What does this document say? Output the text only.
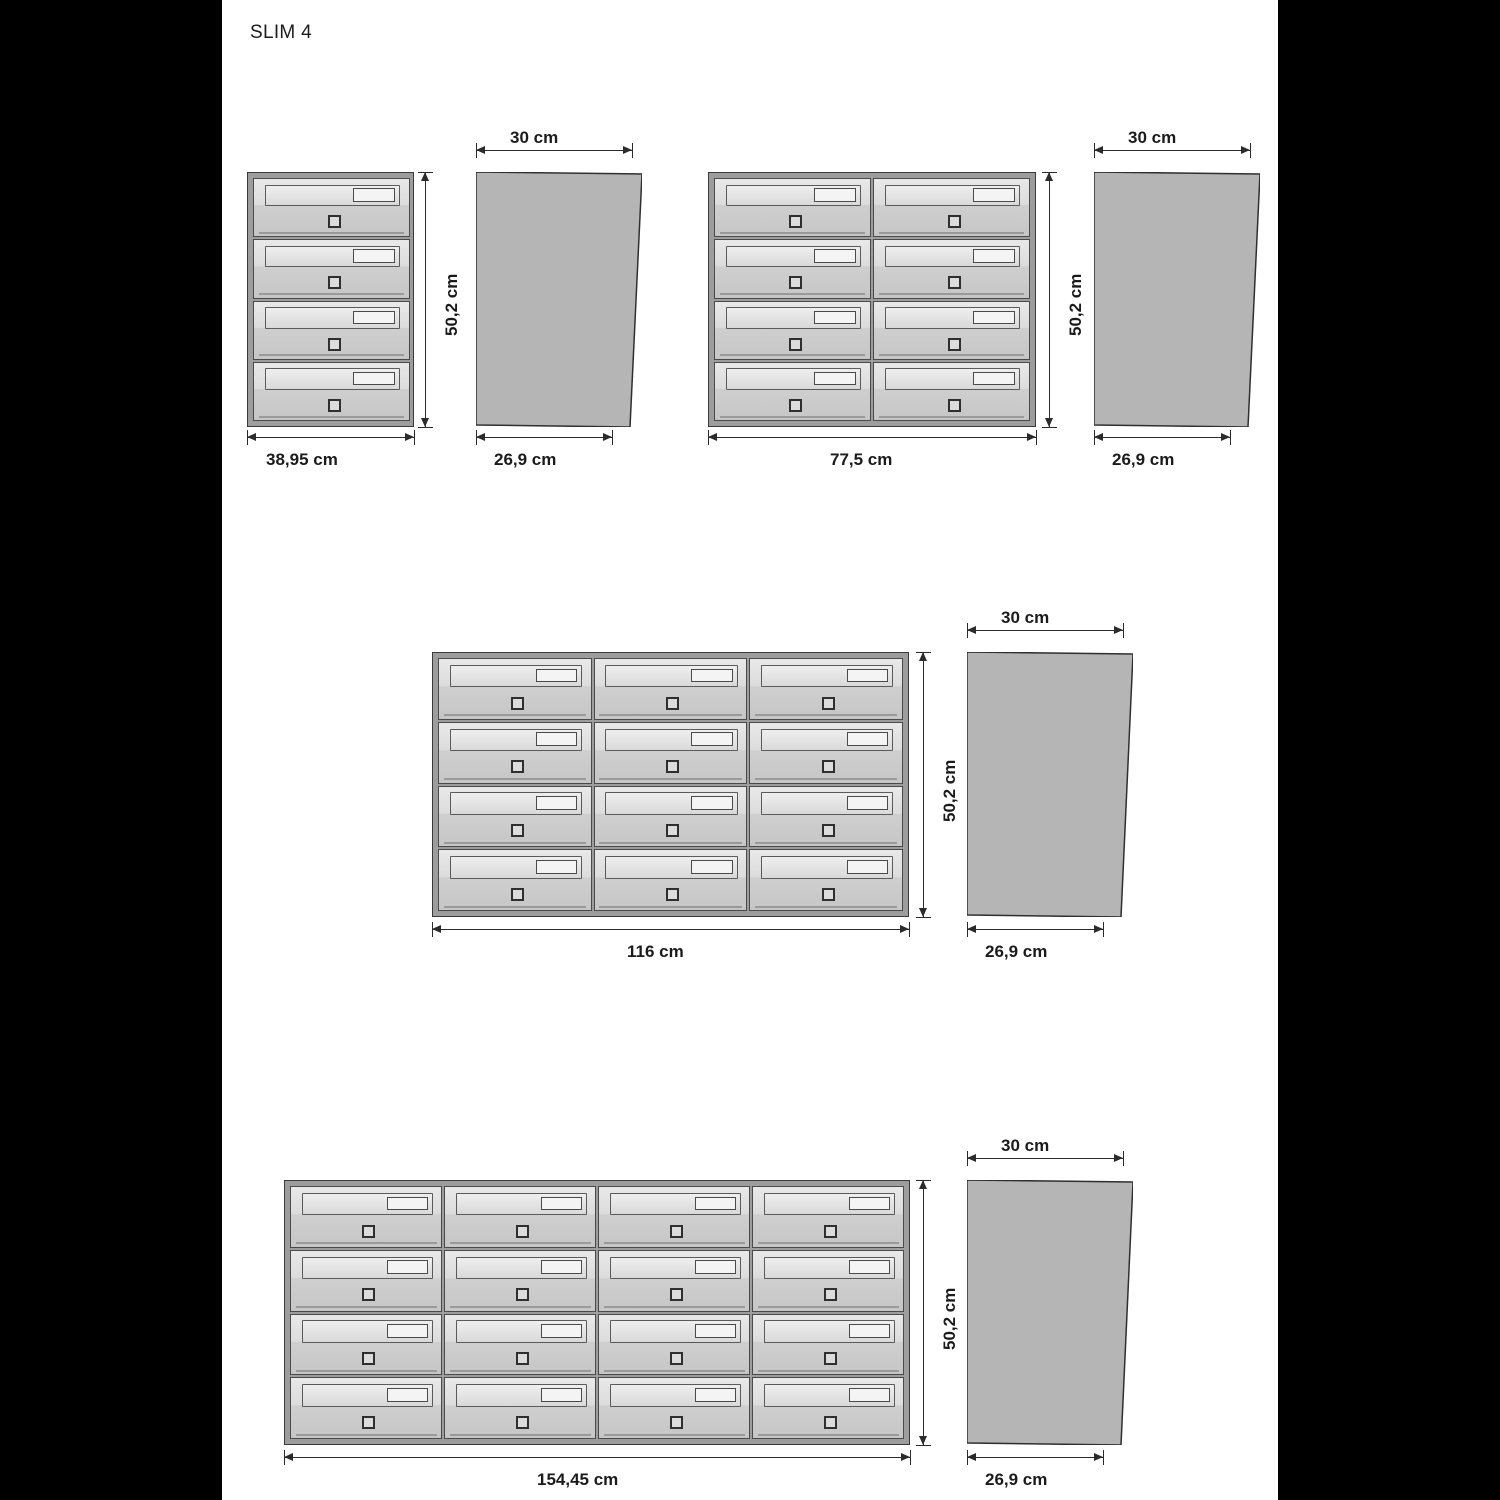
SLIM 4
38,95 cm
50,2 cm
30 cm
26,9 cm	77,5 cm
50,2 cm
30 cm
26,9 cm
116 cm
50,2 cm
30 cm
26,9 cm
154,45 cm
50,2 cm
30 cm
26,9 cm
